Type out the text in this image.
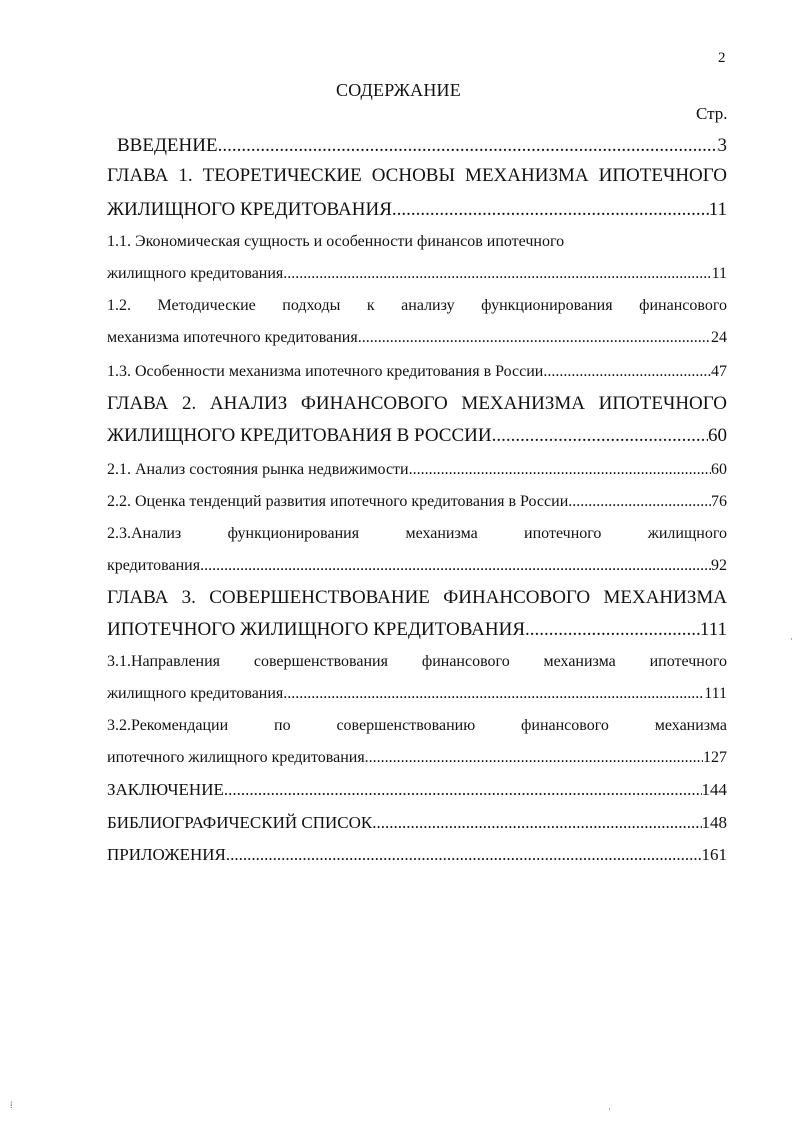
2
СОДЕРЖАНИЕ
Стр.
ВВЕДЕНИЕ .....	3
ГЛАВА 1. ТЕОРЕТИЧЕСКИЕ ОСНОВЫ МЕХАНИЗМА ИПОТЕЧНОГО
ЖИЛИЩНОГО КРЕДИТОВАНИЯ .....	11
1.1. Экономическая сущность и особенности финансов ипотечного
жилищного кредитования .....	11
1.2. Методические подходы к анализу функционирования финансового
механизма ипотечного кредитования .....	24
1.3. Особенности механизма ипотечного кредитования в России .....	47
ГЛАВА 2. АНАЛИЗ ФИНАНСОВОГО МЕХАНИЗМА ИПОТЕЧНОГО
ЖИЛИЩНОГО КРЕДИТОВАНИЯ В РОССИИ .....	60
2.1. Анализ состояния рынка недвижимости .....	60
2.2. Оценка тенденций развития ипотечного кредитования в России .....	76
2.3.Анализ функционирования механизма ипотечного жилищного
кредитования .....	92
ГЛАВА 3. СОВЕРШЕНСТВОВАНИЕ ФИНАНСОВОГО МЕХАНИЗМА
ИПОТЕЧНОГО ЖИЛИЩНОГО КРЕДИТОВАНИЯ .....	111
3.1.Направления совершенствования финансового механизма ипотечного
жилищного кредитования .....	111
3.2.Рекомендации по совершенствованию финансового механизма
ипотечного жилищного кредитования .....	127
ЗАКЛЮЧЕНИЕ .....	144
БИБЛИОГРАФИЧЕСКИЙ СПИСОК .....	148
ПРИЛОЖЕНИЯ .....	161
·
⁞	·
